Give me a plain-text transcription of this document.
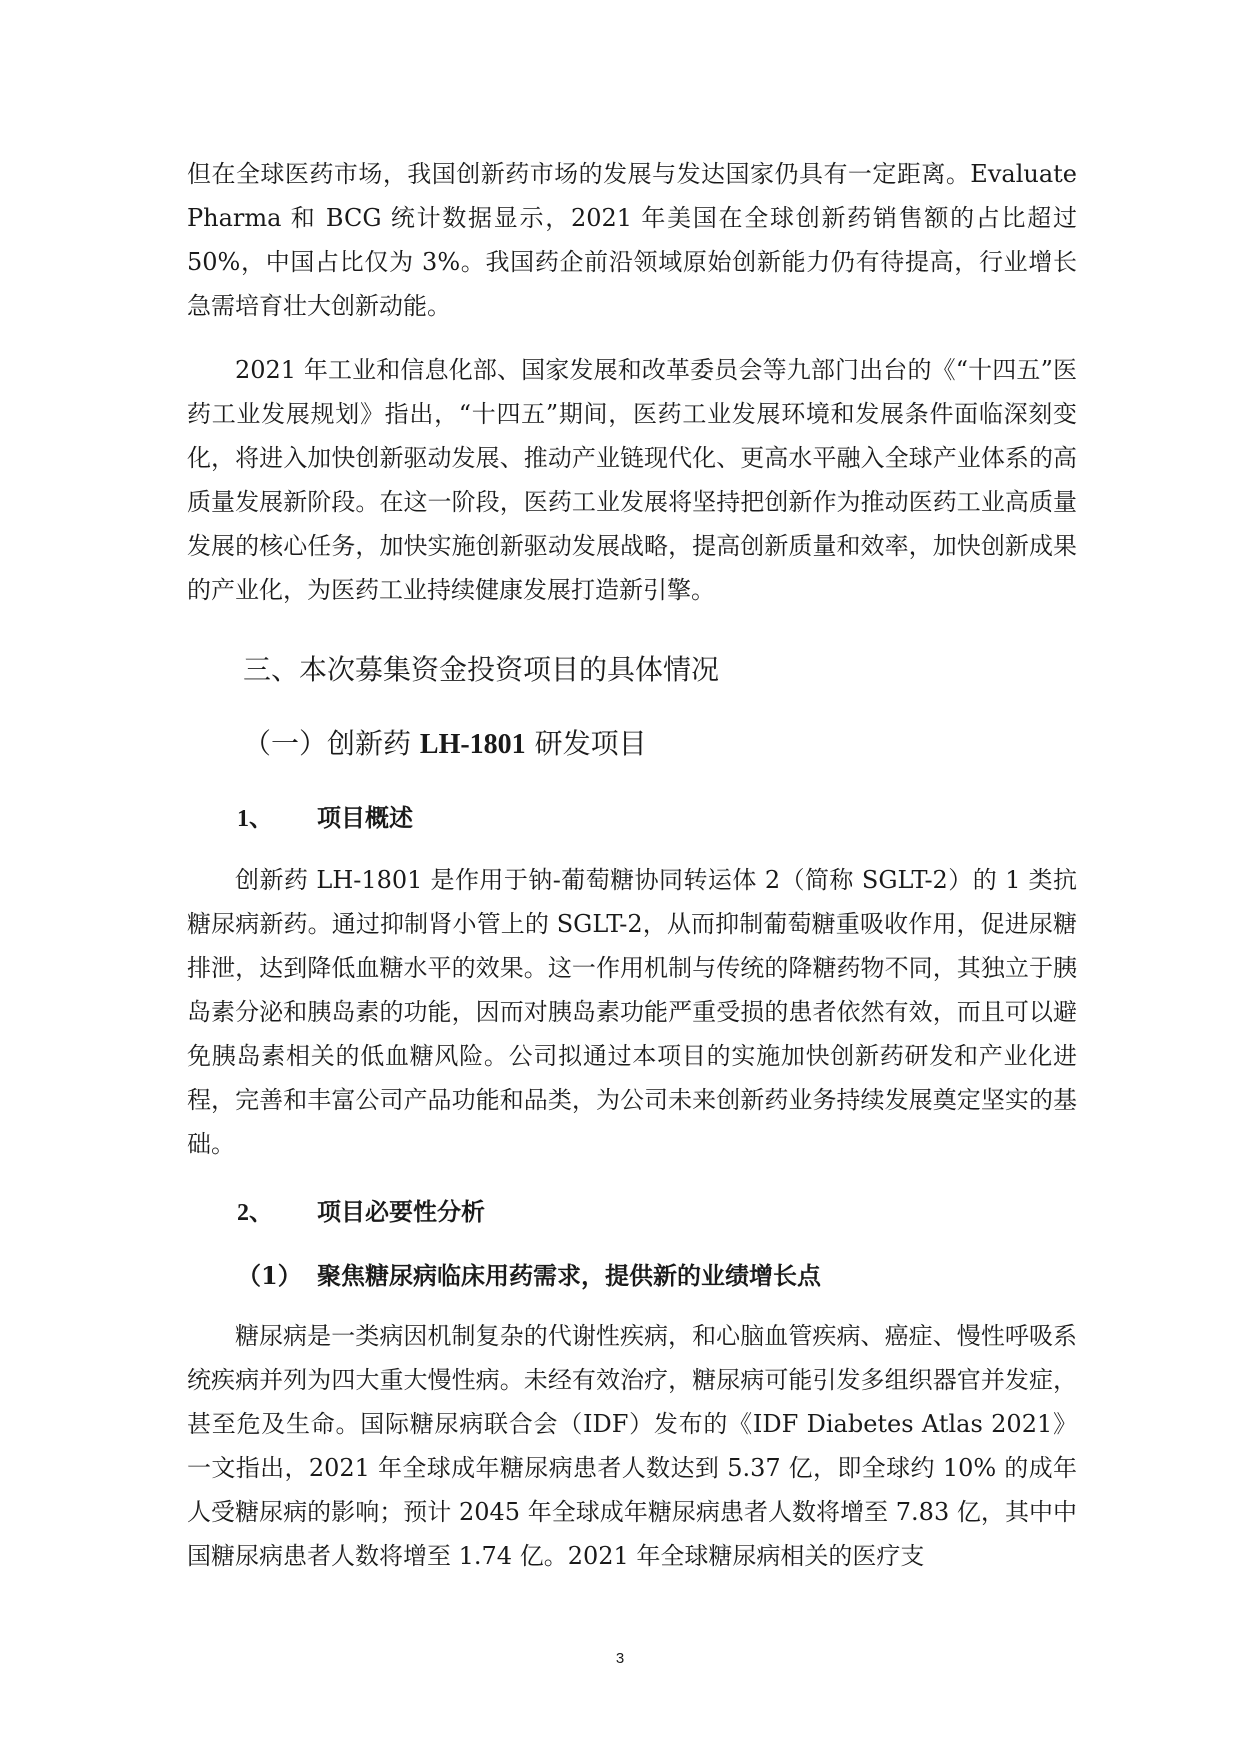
但在全球医药市场，我国创新药市场的发展与发达国家仍具有一定距离。Evaluate Pharma 和 BCG 统计数据显示，2021 年美国在全球创新药销售额的占比超过 50%，中国占比仅为 3%。我国药企前沿领域原始创新能力仍有待提高，行业增长急需培育壮大创新动能。

2021 年工业和信息化部、国家发展和改革委员会等九部门出台的《“十四五”医药工业发展规划》指出，“十四五”期间，医药工业发展环境和发展条件面临深刻变化，将进入加快创新驱动发展、推动产业链现代化、更高水平融入全球产业体系的高质量发展新阶段。在这一阶段，医药工业发展将坚持把创新作为推动医药工业高质量发展的核心任务，加快实施创新驱动发展战略，提高创新质量和效率，加快创新成果的产业化，为医药工业持续健康发展打造新引擎。

三、本次募集资金投资项目的具体情况
（一）创新药 LH-1801 研发项目
1、 项目概述

创新药 LH-1801 是作用于钠-葡萄糖协同转运体 2（简称 SGLT-2）的 1 类抗糖尿病新药。通过抑制肾小管上的 SGLT-2，从而抑制葡萄糖重吸收作用，促进尿糖排泄，达到降低血糖水平的效果。这一作用机制与传统的降糖药物不同，其独立于胰岛素分泌和胰岛素的功能，因而对胰岛素功能严重受损的患者依然有效，而且可以避免胰岛素相关的低血糖风险。公司拟通过本项目的实施加快创新药研发和产业化进程，完善和丰富公司产品功能和品类，为公司未来创新药业务持续发展奠定坚实的基础。

2、 项目必要性分析
（1） 聚焦糖尿病临床用药需求，提供新的业绩增长点

糖尿病是一类病因机制复杂的代谢性疾病，和心脑血管疾病、癌症、慢性呼吸系统疾病并列为四大重大慢性病。未经有效治疗，糖尿病可能引发多组织器官并发症，甚至危及生命。国际糖尿病联合会（IDF）发布的《IDF Diabetes Atlas 2021》一文指出，2021 年全球成年糖尿病患者人数达到 5.37 亿，即全球约 10% 的成年人受糖尿病的影响；预计 2045 年全球成年糖尿病患者人数将增至 7.83 亿，其中中国糖尿病患者人数将增至 1.74 亿。2021 年全球糖尿病相关的医疗支

3
